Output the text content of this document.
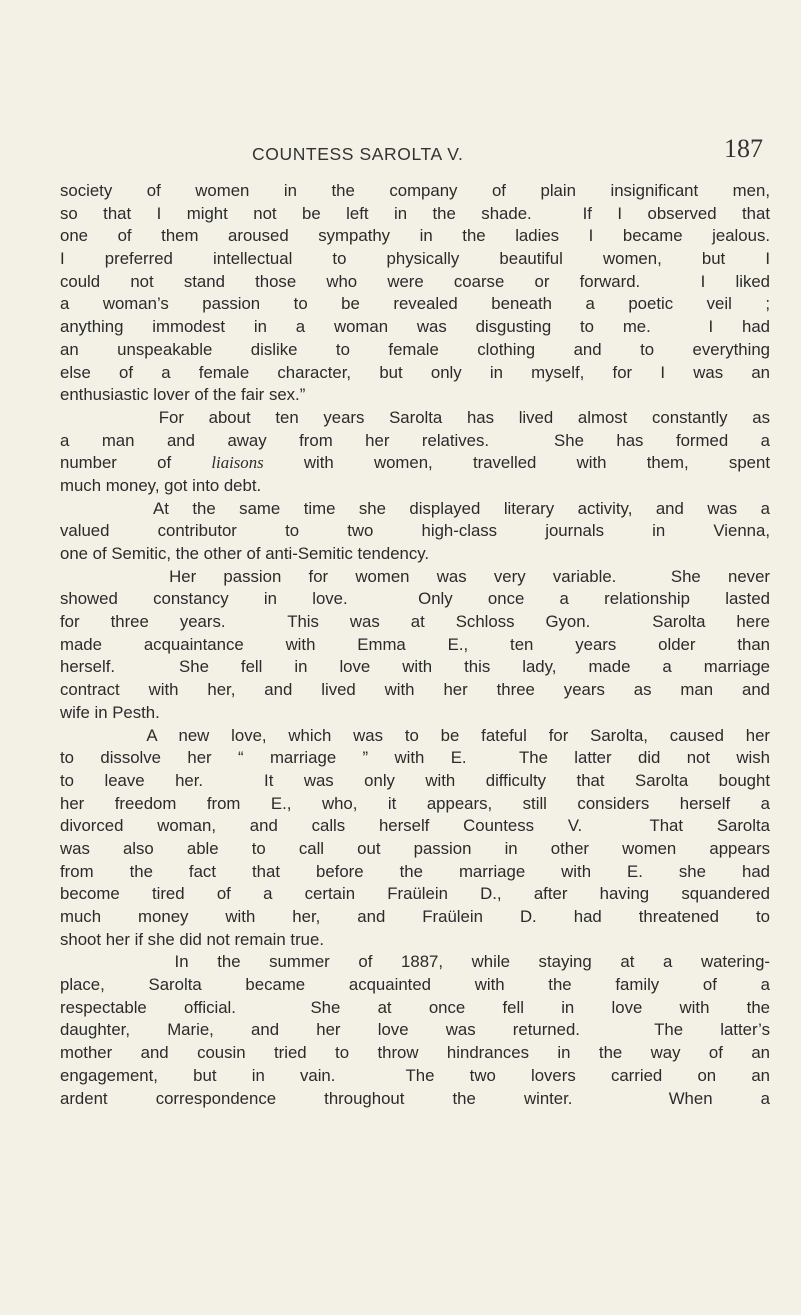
COUNTESS SAROLTA V.	187
society of women in the company of plain insignificant men,
so that I might not be left in the shade.  If I observed that
one of them aroused sympathy in the ladies I became jealous.
I preferred intellectual to physically beautiful women, but I
could not stand those who were coarse or forward.  I liked
a woman’s passion to be revealed beneath a poetic veil ;
anything immodest in a woman was disgusting to me.  I had
an unspeakable dislike to female clothing and to everything
else of a female character, but only in myself, for I was an
enthusiastic lover of the fair sex.”
For about ten years Sarolta has lived almost constantly as
a man and away from her relatives.  She has formed a
number of liaisons with women, travelled with them, spent
much money, got into debt.
At the same time she displayed literary activity, and was a
valued contributor to two high-class journals in Vienna,
one of Semitic, the other of anti-Semitic tendency.
Her passion for women was very variable.  She never
showed constancy in love.  Only once a relationship lasted
for three years.  This was at Schloss Gyon.  Sarolta here
made acquaintance with Emma E., ten years older than
herself.  She fell in love with this lady, made a marriage
contract with her, and lived with her three years as man and
wife in Pesth.
A new love, which was to be fateful for Sarolta, caused her
to dissolve her “ marriage ” with E.  The latter did not wish
to leave her.  It was only with difficulty that Sarolta bought
her freedom from E., who, it appears, still considers herself a
divorced woman, and calls herself Countess V.  That Sarolta
was also able to call out passion in other women appears
from the fact that before the marriage with E. she had
become tired of a certain Fraülein D., after having squandered
much money with her, and Fraülein D. had threatened to
shoot her if she did not remain true.
In the summer of 1887, while staying at a watering-
place, Sarolta became acquainted with the family of a
respectable official.  She at once fell in love with the
daughter, Marie, and her love was returned.  The latter’s
mother and cousin tried to throw hindrances in the way of an
engagement, but in vain.  The two lovers carried on an
ardent correspondence throughout the winter.  When a
